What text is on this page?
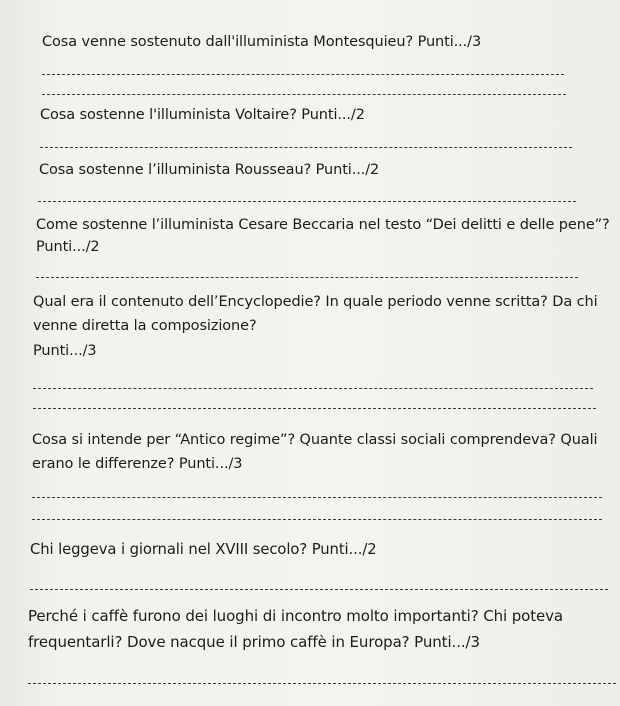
Cosa venne sostenuto dall'illuminista Montesquieu? Punti.../3
Cosa sostenne l'illuminista Voltaire? Punti.../2
Cosa sostenne l’illuminista Rousseau? Punti.../2
Come sostenne l’illuminista Cesare Beccaria nel testo “Dei delitti e delle pene”?
Punti.../2
Qual era il contenuto dell’Encyclopedie? In quale periodo venne scritta? Da chi
venne diretta la composizione?
Punti.../3
Cosa si intende per “Antico regime”? Quante classi sociali comprendeva? Quali
erano le differenze? Punti.../3
Chi leggeva i giornali nel XVIII secolo? Punti.../2
Perché i caffè furono dei luoghi di incontro molto importanti? Chi poteva
frequentarli? Dove nacque il primo caffè in Europa? Punti.../3
